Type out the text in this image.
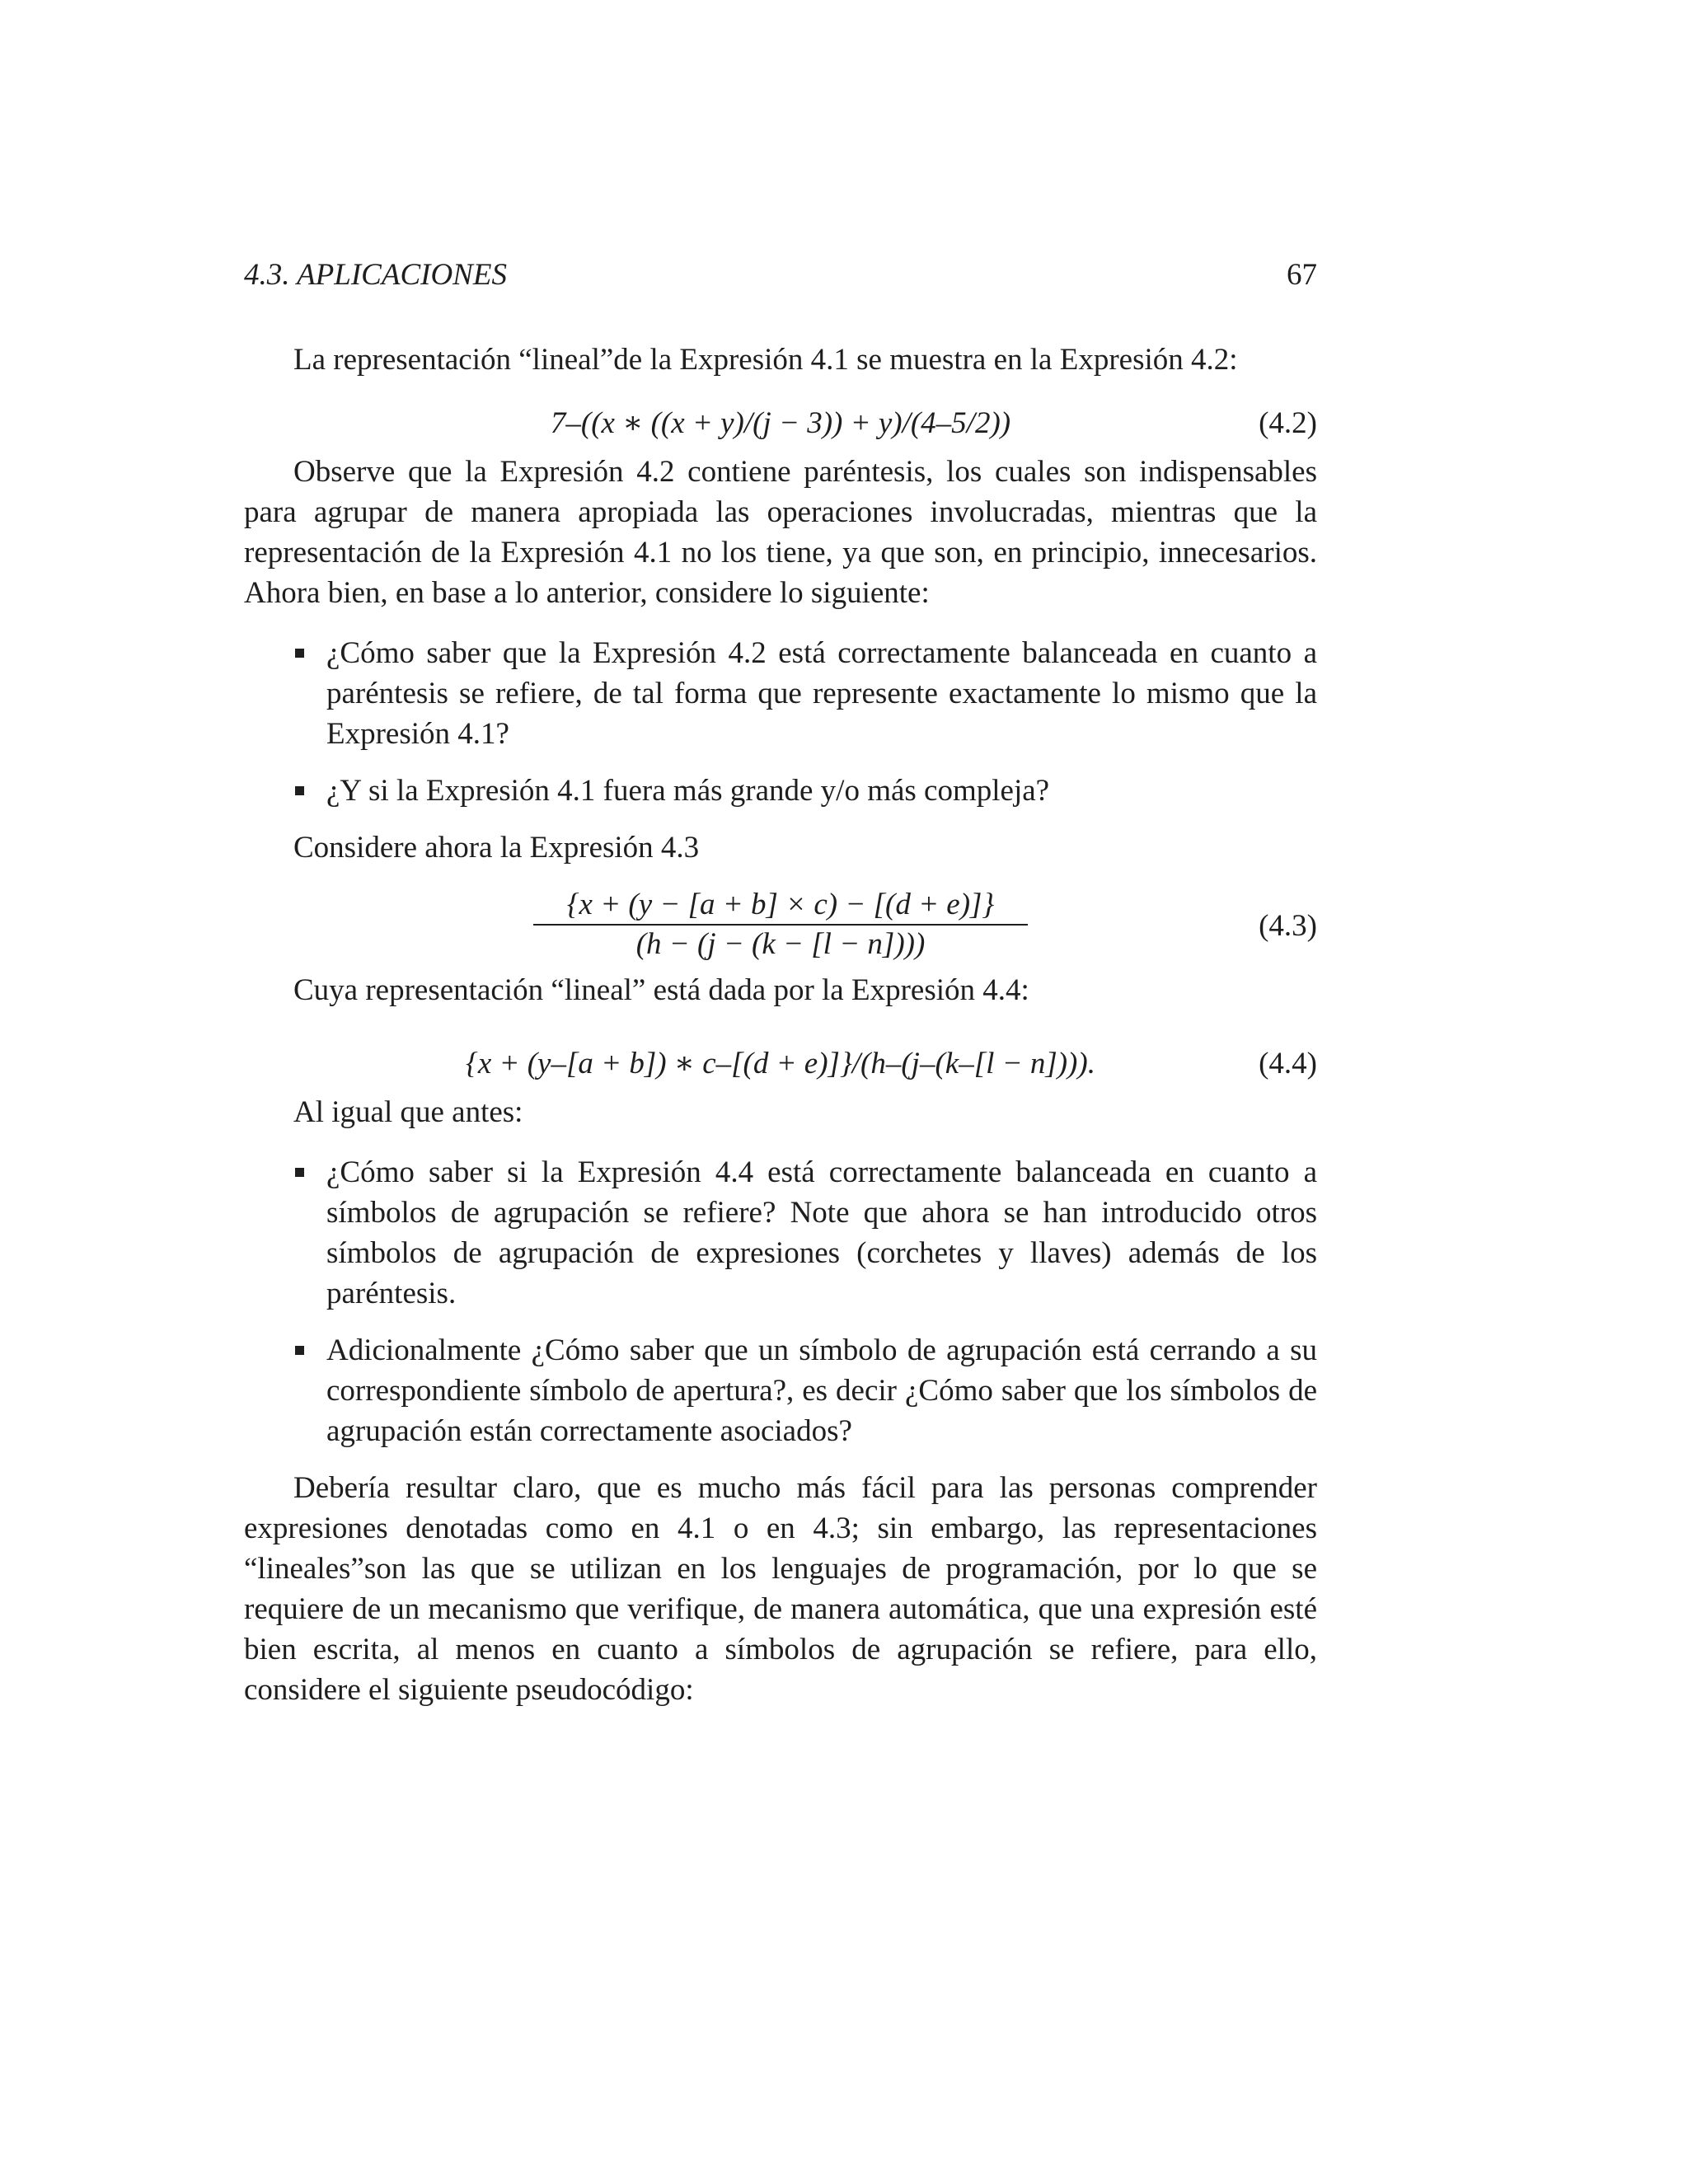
4.3. APLICACIONES	67

La representación “lineal”de la Expresión 4.1 se muestra en la Expresión 4.2:

7–((x ∗ ((x + y)/(j − 3)) + y)/(4–5/2))	(4.2)

Observe que la Expresión 4.2 contiene paréntesis, los cuales son indispensables para agrupar de manera apropiada las operaciones involucradas, mientras que la representación de la Expresión 4.1 no los tiene, ya que son, en principio, innecesarios. Ahora bien, en base a lo anterior, considere lo siguiente:

¿Cómo saber que la Expresión 4.2 está correctamente balanceada en cuanto a paréntesis se refiere, de tal forma que represente exactamente lo mismo que la Expresión 4.1?
¿Y si la Expresión 4.1 fuera más grande y/o más compleja?

Considere ahora la Expresión 4.3

{x + (y − [a + b] × c) − [(d + e)]}
(h − (j − (k − [l − n])))
(4.3)

Cuya representación “lineal” está dada por la Expresión 4.4:

{x + (y–[a + b]) ∗ c–[(d + e)]}/(h–(j–(k–[l − n]))).	(4.4)

Al igual que antes:

¿Cómo saber si la Expresión 4.4 está correctamente balanceada en cuanto a símbolos de agrupación se refiere? Note que ahora se han introducido otros símbolos de agrupación de expresiones (corchetes y llaves) además de los paréntesis.
Adicionalmente ¿Cómo saber que un símbolo de agrupación está cerrando a su correspondiente símbolo de apertura?, es decir ¿Cómo saber que los símbolos de agrupación están correctamente asociados?

Debería resultar claro, que es mucho más fácil para las personas comprender expresiones denotadas como en 4.1 o en 4.3; sin embargo, las representaciones “lineales”son las que se utilizan en los lenguajes de programación, por lo que se requiere de un mecanismo que verifique, de manera automática, que una expresión esté bien escrita, al menos en cuanto a símbolos de agrupación se refiere, para ello, considere el siguiente pseudocódigo:
